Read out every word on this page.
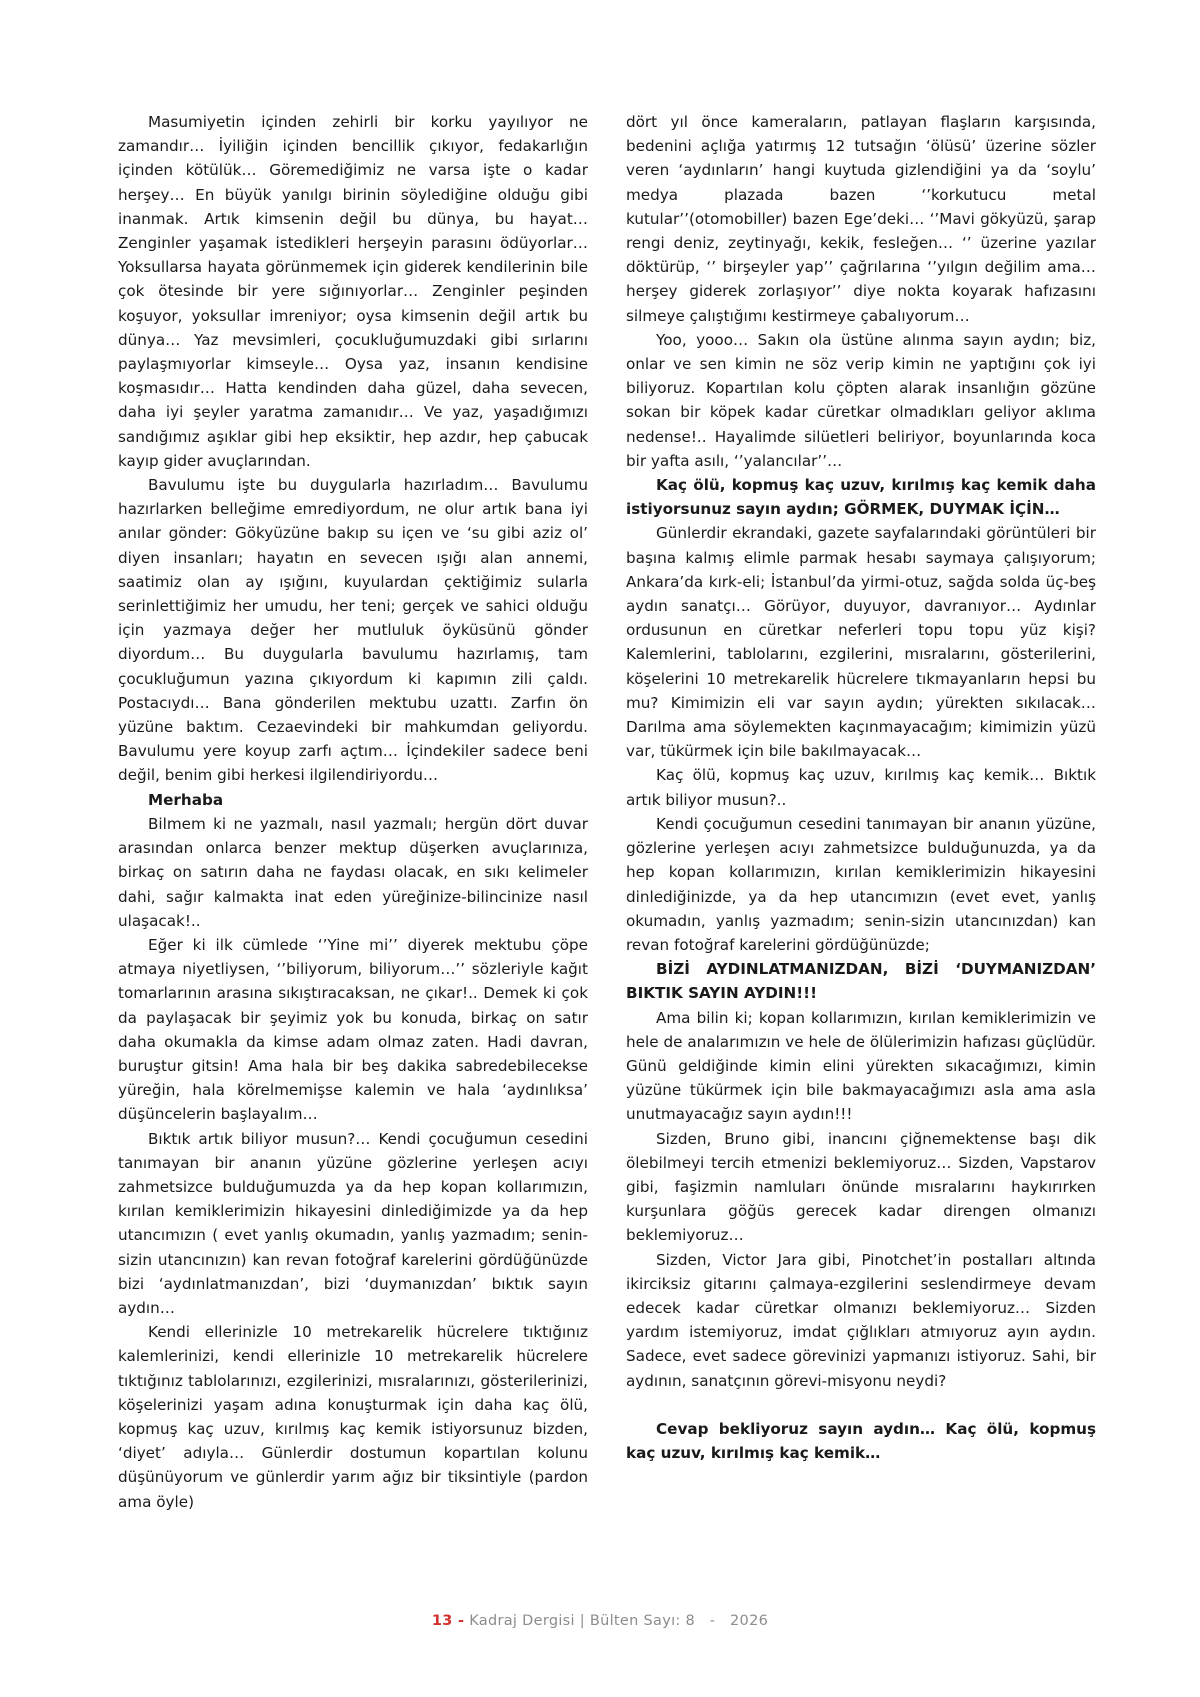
Masumiyetin içinden zehirli bir korku yayılıyor ne zamandır… İyiliğin içinden bencillik çıkıyor, fedakarlığın içinden kötülük… Göremediğimiz ne varsa işte o kadar herşey… En büyük yanılgı birinin söylediğine olduğu gibi inanmak. Artık kimsenin değil bu dünya, bu hayat… Zenginler yaşamak istedikleri herşeyin parasını ödüyorlar… Yoksullarsa hayata görünmemek için giderek kendilerinin bile çok ötesinde bir yere sığınıyorlar… Zenginler peşinden koşuyor, yoksullar imreniyor; oysa kimsenin değil artık bu dünya… Yaz mevsimleri, çocukluğumuzdaki gibi sırlarını paylaşmıyorlar kimseyle… Oysa yaz, insanın kendisine koşmasıdır… Hatta kendinden daha güzel, daha sevecen, daha iyi şeyler yaratma zamanıdır… Ve yaz, yaşadığımızı sandığımız aşıklar gibi hep eksiktir, hep azdır, hep çabucak kayıp gider avuçlarından.

Bavulumu işte bu duygularla hazırladım… Bavulumu hazırlarken belleğime emrediyordum, ne olur artık bana iyi anılar gönder: Gökyüzüne bakıp su içen ve ‘su gibi aziz ol’ diyen insanları; hayatın en sevecen ışığı alan annemi, saatimiz olan ay ışığını, kuyulardan çektiğimiz sularla serinlettiğimiz her umudu, her teni; gerçek ve sahici olduğu için yazmaya değer her mutluluk öyküsünü gönder diyordum… Bu duygularla bavulumu hazırlamış, tam çocukluğumun yazına çıkıyordum ki kapımın zili çaldı. Postacıydı… Bana gönderilen mektubu uzattı. Zarfın ön yüzüne baktım. Cezaevindeki bir mahkumdan geliyordu. Bavulumu yere koyup zarfı açtım… İçindekiler sadece beni değil, benim gibi herkesi ilgilendiriyordu…

Merhaba

Bilmem ki ne yazmalı, nasıl yazmalı; hergün dört duvar arasından onlarca benzer mektup düşerken avuçlarınıza, birkaç on satırın daha ne faydası olacak, en sıkı kelimeler dahi, sağır kalmakta inat eden yüreğinize-bilincinize nasıl ulaşacak!..

Eğer ki ilk cümlede ‘’Yine mi’’ diyerek mektubu çöpe atmaya niyetliysen, ‘’biliyorum, biliyorum…’’ sözleriyle kağıt tomarlarının arasına sıkıştıracaksan, ne çıkar!.. Demek ki çok da paylaşacak bir şeyimiz yok bu konuda, birkaç on satır daha okumakla da kimse adam olmaz zaten. Hadi davran, buruştur gitsin! Ama hala bir beş dakika sabredebilecekse yüreğin, hala körelmemişse kalemin ve hala ‘aydınlıksa’ düşüncelerin başlayalım…

Bıktık artık biliyor musun?… Kendi çocuğumun cesedini tanımayan bir ananın yüzüne gözlerine yerleşen acıyı zahmetsizce bulduğumuzda ya da hep kopan kollarımızın, kırılan kemiklerimizin hikayesini dinlediğimizde ya da hep utancımızın ( evet yanlış okumadın, yanlış yazmadım; senin-sizin utancınızın) kan revan fotoğraf karelerini gördüğünüzde bizi ‘aydınlatmanızdan’, bizi ‘duymanızdan’ bıktık sayın aydın…

Kendi ellerinizle 10 metrekarelik hücrelere tıktığınız kalemlerinizi, kendi ellerinizle 10 metrekarelik hücrelere tıktığınız tablolarınızı, ezgilerinizi, mısralarınızı, gösterilerinizi, köşelerinizi yaşam adına konuşturmak için daha kaç ölü, kopmuş kaç uzuv, kırılmış kaç kemik istiyorsunuz bizden, ‘diyet’ adıyla… Günlerdir dostumun kopartılan kolunu düşünüyorum ve günlerdir yarım ağız bir tiksintiyle (pardon ama öyle)

dört yıl önce kameraların, patlayan flaşların karşısında, bedenini açlığa yatırmış 12 tutsağın ‘ölüsü’ üzerine sözler veren ‘aydınların’ hangi kuytuda gizlendiğini ya da ‘soylu’ medya plazada bazen ‘’korkutucu metal kutular’’(otomobiller) bazen Ege’deki… ‘’Mavi gökyüzü, şarap rengi deniz, zeytinyağı, kekik, fesleğen… ‘’ üzerine yazılar döktürüp, ‘’ birşeyler yap’’ çağrılarına ‘’yılgın değilim ama… herşey giderek zorlaşıyor’’ diye nokta koyarak hafızasını silmeye çalıştığımı kestirmeye çabalıyorum…

Yoo, yooo… Sakın ola üstüne alınma sayın aydın; biz, onlar ve sen kimin ne söz verip kimin ne yaptığını çok iyi biliyoruz. Kopartılan kolu çöpten alarak insanlığın gözüne sokan bir köpek kadar cüretkar olmadıkları geliyor aklıma nedense!.. Hayalimde silüetleri beliriyor, boyunlarında koca bir yafta asılı, ‘’yalancılar’’…

Kaç ölü, kopmuş kaç uzuv, kırılmış kaç kemik daha istiyorsunuz sayın aydın; GÖRMEK, DUYMAK İÇİN…

Günlerdir ekrandaki, gazete sayfalarındaki görüntüleri bir başına kalmış elimle parmak hesabı saymaya çalışıyorum; Ankara’da kırk-eli; İstanbul’da yirmi-otuz, sağda solda üç-beş aydın sanatçı… Görüyor, duyuyor, davranıyor… Aydınlar ordusunun en cüretkar neferleri topu topu yüz kişi? Kalemlerini, tablolarını, ezgilerini, mısralarını, gösterilerini, köşelerini 10 metrekarelik hücrelere tıkmayanların hepsi bu mu? Kimimizin eli var sayın aydın; yürekten sıkılacak… Darılma ama söylemekten kaçınmayacağım; kimimizin yüzü var, tükürmek için bile bakılmayacak…

Kaç ölü, kopmuş kaç uzuv, kırılmış kaç kemik… Bıktık artık biliyor musun?..

Kendi çocuğumun cesedini tanımayan bir ananın yüzüne, gözlerine yerleşen acıyı zahmetsizce bulduğunuzda, ya da hep kopan kollarımızın, kırılan kemiklerimizin hikayesini dinlediğinizde, ya da hep utancımızın (evet evet, yanlış okumadın, yanlış yazmadım; senin-sizin utancınızdan) kan revan fotoğraf karelerini gördüğünüzde;

BİZİ AYDINLATMANIZDAN, BİZİ ‘DUYMANIZDAN’ BIKTIK SAYIN AYDIN!!!

Ama bilin ki; kopan kollarımızın, kırılan kemiklerimizin ve hele de analarımızın ve hele de ölülerimizin hafızası güçlüdür. Günü geldiğinde kimin elini yürekten sıkacağımızı, kimin yüzüne tükürmek için bile bakmayacağımızı asla ama asla unutmayacağız sayın aydın!!!

Sizden, Bruno gibi, inancını çiğnemektense başı dik ölebilmeyi tercih etmenizi beklemiyoruz… Sizden, Vapstarov gibi, faşizmin namluları önünde mısralarını haykırırken kurşunlara göğüs gerecek kadar direngen olmanızı beklemiyoruz…

Sizden, Victor Jara gibi, Pinotchet’in postalları altında ikirciksiz gitarını çalmaya-ezgilerini seslendirmeye devam edecek kadar cüretkar olmanızı beklemiyoruz… Sizden yardım istemiyoruz, imdat çığlıkları atmıyoruz ayın aydın. Sadece, evet sadece görevinizi yapmanızı istiyoruz. Sahi, bir aydının, sanatçının görevi-misyonu neydi?

Cevap bekliyoruz sayın aydın… Kaç ölü, kopmuş kaç uzuv, kırılmış kaç kemik…

13 - Kadraj Dergisi | Bülten Sayı: 8   -   2026
